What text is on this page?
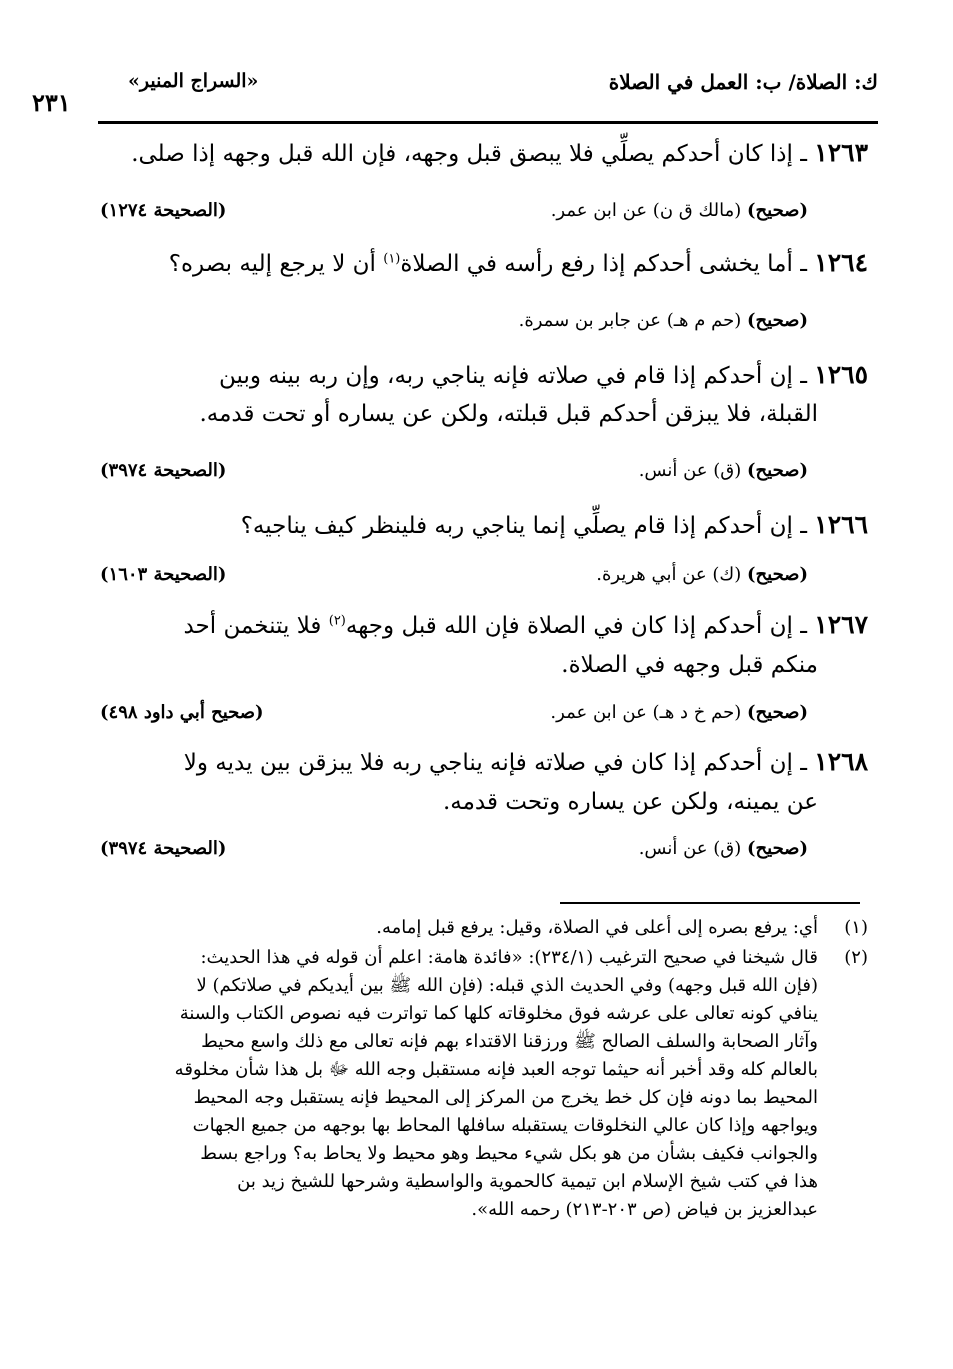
ك: الصلاة/ ب: العمل في الصلاة
«السراج المنير»
٢٣١
١٢٦٣ ـ إذا كان أحدكم يصلِّي فلا يبصق قبل وجهه، فإن الله قبل وجهه إذا صلى.
(صحيح) (مالك ق ن) عن ابن عمر.
(الصحيحة ١٢٧٤)
١٢٦٤ ـ أما يخشى أحدكم إذا رفع رأسه في الصلاة$^{(١)}$ أن لا يرجع إليه بصره؟
(صحيح) (حم م هـ) عن جابر بن سمرة.
١٢٦٥ ـ إن أحدكم إذا قام في صلاته فإنه يناجي ربه، وإن ربه بينه وبين
القبلة، فلا يبزقن أحدكم قبل قبلته، ولكن عن يساره أو تحت قدمه.
(صحيح) (ق) عن أنس.
(الصحيحة ٣٩٧٤)
١٢٦٦ ـ إن أحدكم إذا قام يصلِّي إنما يناجي ربه فلينظر كيف يناجيه؟
(صحيح) (ك) عن أبي هريرة.
(الصحيحة ١٦٠٣)
١٢٦٧ ـ إن أحدكم إذا كان في الصلاة فإن الله قبل وجهه$^{(٢)}$ فلا يتنخمن أحد
منكم قبل وجهه في الصلاة.
(صحيح) (حم خ د هـ) عن ابن عمر.
(صحيح أبي داود ٤٩٨)
١٢٦٨ ـ إن أحدكم إذا كان في صلاته فإنه يناجي ربه فلا يبزقن بين يديه ولا
عن يمينه، ولكن عن يساره وتحت قدمه.
(صحيح) (ق) عن أنس.
(الصحيحة ٣٩٧٤)
(١)
أي: يرفع بصره إلى أعلى في الصلاة، وقيل: يرفع قبل إمامه.
(٢)
قال شيخنا في صحيح الترغيب (٢٣٤/١): «فائدة هامة: اعلم أن قوله في هذا الحديث:
(فإن الله قبل وجهه) وفي الحديث الذي قبله: (فإن الله ﷺ بين أيديكم في صلاتكم) لا
ينافي كونه تعالى على عرشه فوق مخلوقاته كلها كما تواترت فيه نصوص الكتاب والسنة
وآثار الصحابة والسلف الصالح ﷺ ورزقنا الاقتداء بهم فإنه تعالى مع ذلك واسع محيط
بالعالم كله وقد أخبر أنه حيثما توجه العبد فإنه مستقبل وجه الله ﷻ بل هذا شأن مخلوقه
المحيط بما دونه فإن كل خط يخرج من المركز إلى المحيط فإنه يستقبل وجه المحيط
ويواجهه وإذا كان عالي النخلوقات يستقبله سافلها المحاط بها بوجهه من جميع الجهات
والجوانب فكيف بشأن من هو بكل شيء محيط وهو محيط ولا يحاط به؟ وراجع بسط
هذا في كتب شيخ الإسلام ابن تيمية كالحموية والواسطية وشرحها للشيخ زيد بن
عبدالعزيز بن فياض (ص ٢٠٣-٢١٣) رحمه الله».
